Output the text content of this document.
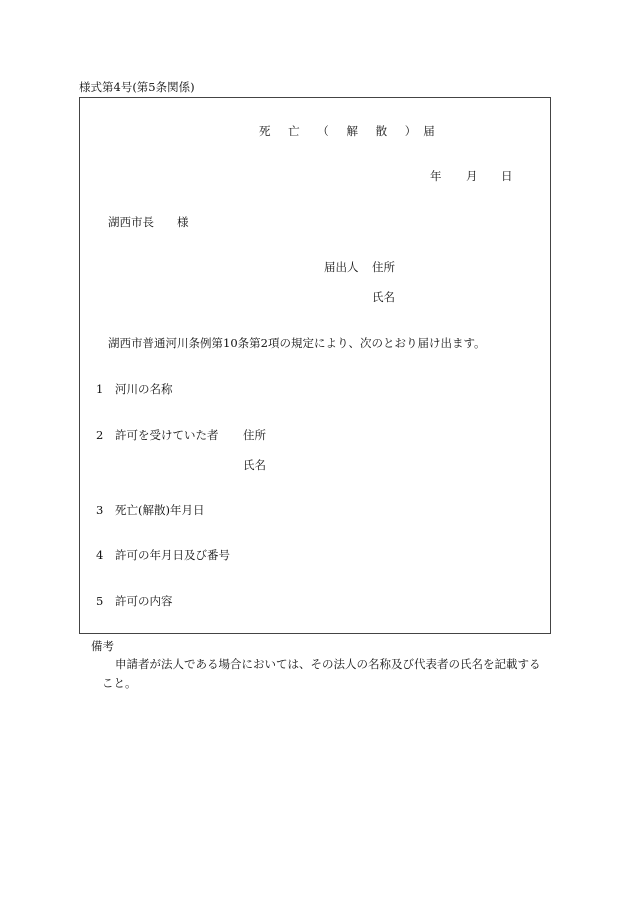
様式第4号(第5条関係)
死 亡 （ 解 散 ）届
年 月 日
湖西市長　　様
届出人 住所
氏名
湖西市普通河川条例第10条第2項の規定により、次のとおり届け出ます。
1 河川の名称
2 許可を受けていた者 住所
氏名
3 死亡(解散)年月日
4 許可の年月日及び番号
5 許可の内容
備考
申請者が法人である場合においては、その法人の名称及び代表者の氏名を記載する
こと。
